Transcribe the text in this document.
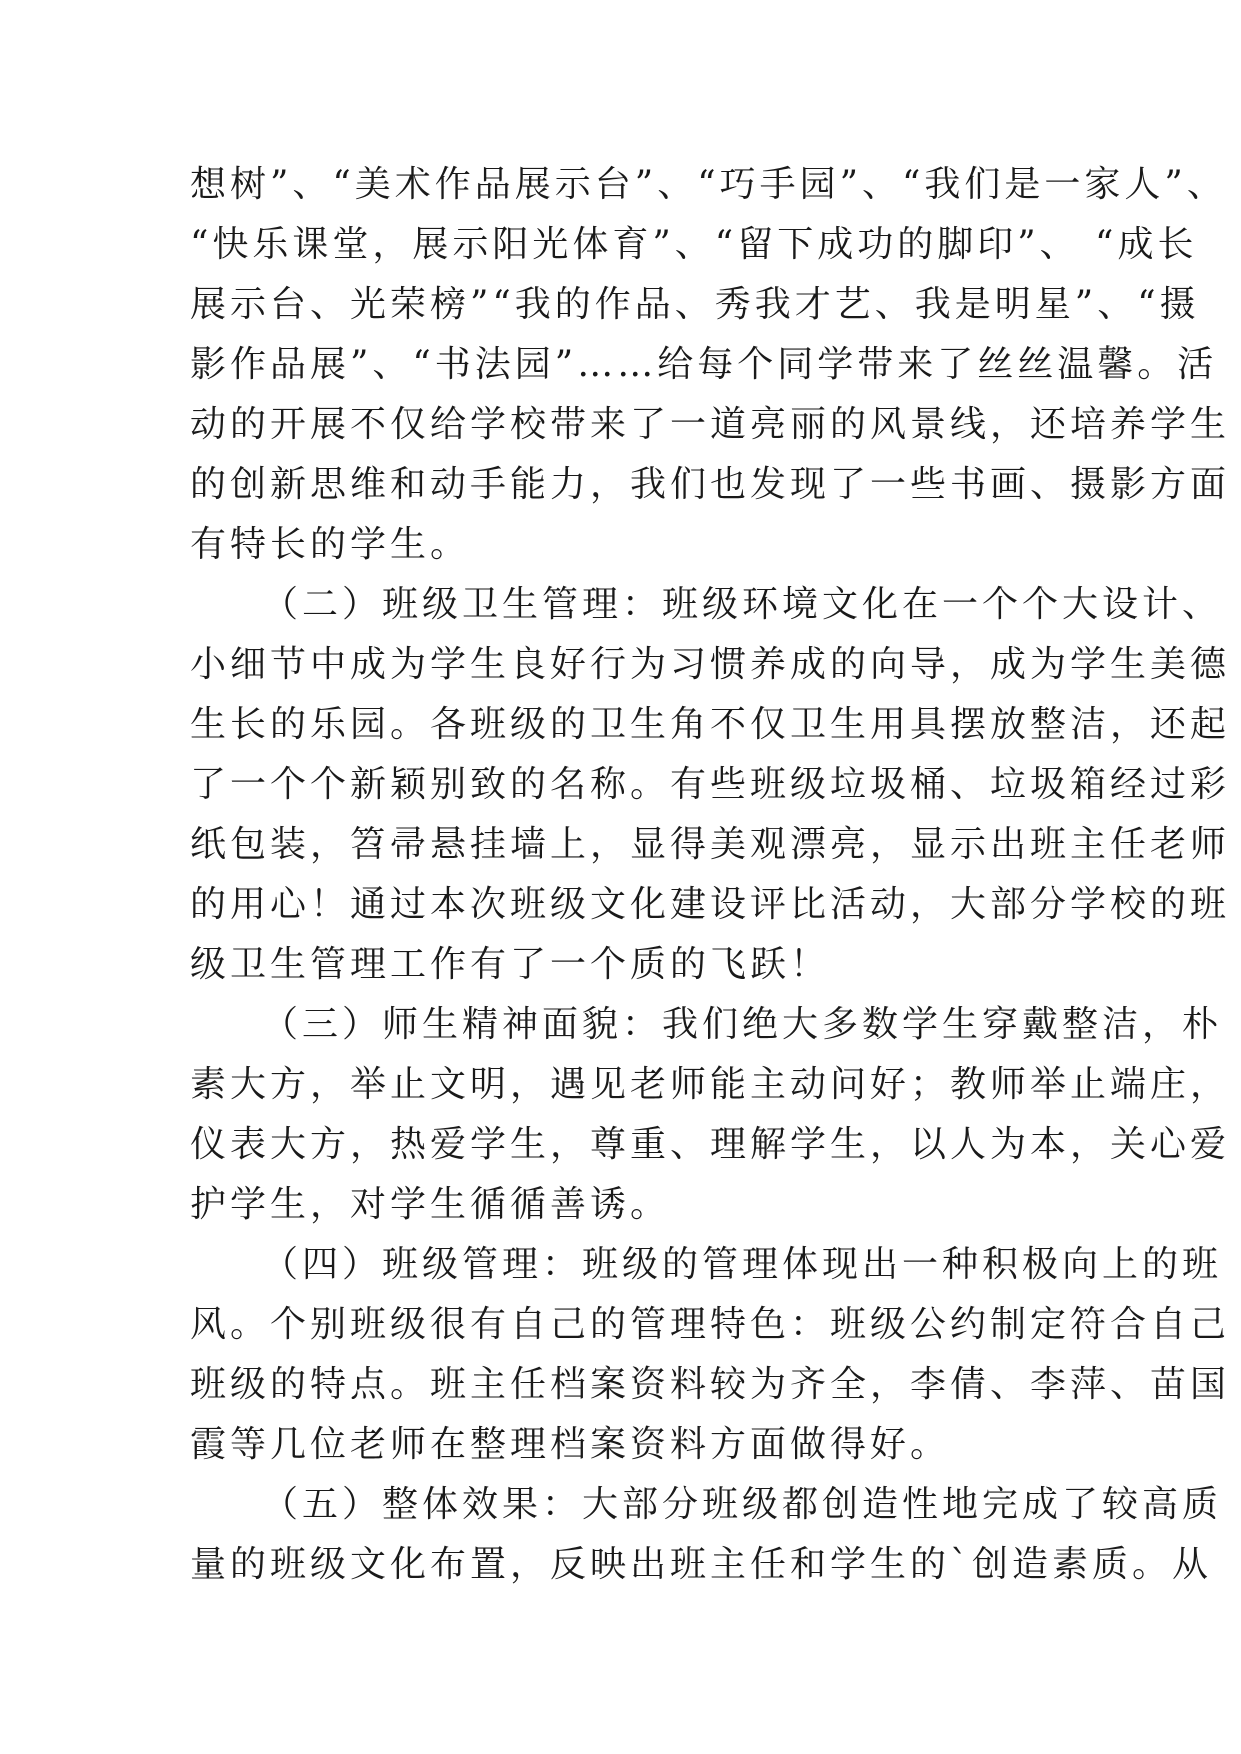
想树”、“美术作品展示台”、“巧手园”、“我们是一家人”、
“快乐课堂，展示阳光体育”、“留下成功的脚印”、 “成长
展示台、光荣榜”“我的作品、秀我才艺、我是明星”、“摄
影作品展”、“书法园”……给每个同学带来了丝丝温馨。活
动的开展不仅给学校带来了一道亮丽的风景线，还培养学生
的创新思维和动手能力，我们也发现了一些书画、摄影方面
有特长的学生。
（二）班级卫生管理：班级环境文化在一个个大设计、
小细节中成为学生良好行为习惯养成的向导，成为学生美德
生长的乐园。各班级的卫生角不仅卫生用具摆放整洁，还起
了一个个新颖别致的名称。有些班级垃圾桶、垃圾箱经过彩
纸包装，笤帚悬挂墙上，显得美观漂亮，显示出班主任老师
的用心！通过本次班级文化建设评比活动，大部分学校的班
级卫生管理工作有了一个质的飞跃！
（三）师生精神面貌：我们绝大多数学生穿戴整洁，朴
素大方，举止文明，遇见老师能主动问好；教师举止端庄，
仪表大方，热爱学生，尊重、理解学生，以人为本，关心爱
护学生，对学生循循善诱。
（四）班级管理：班级的管理体现出一种积极向上的班
风。个别班级很有自己的管理特色：班级公约制定符合自己
班级的特点。班主任档案资料较为齐全，李倩、李萍、苗国
霞等几位老师在整理档案资料方面做得好。
（五）整体效果：大部分班级都创造性地完成了较高质
量的班级文化布置，反映出班主任和学生的`创造素质。从
